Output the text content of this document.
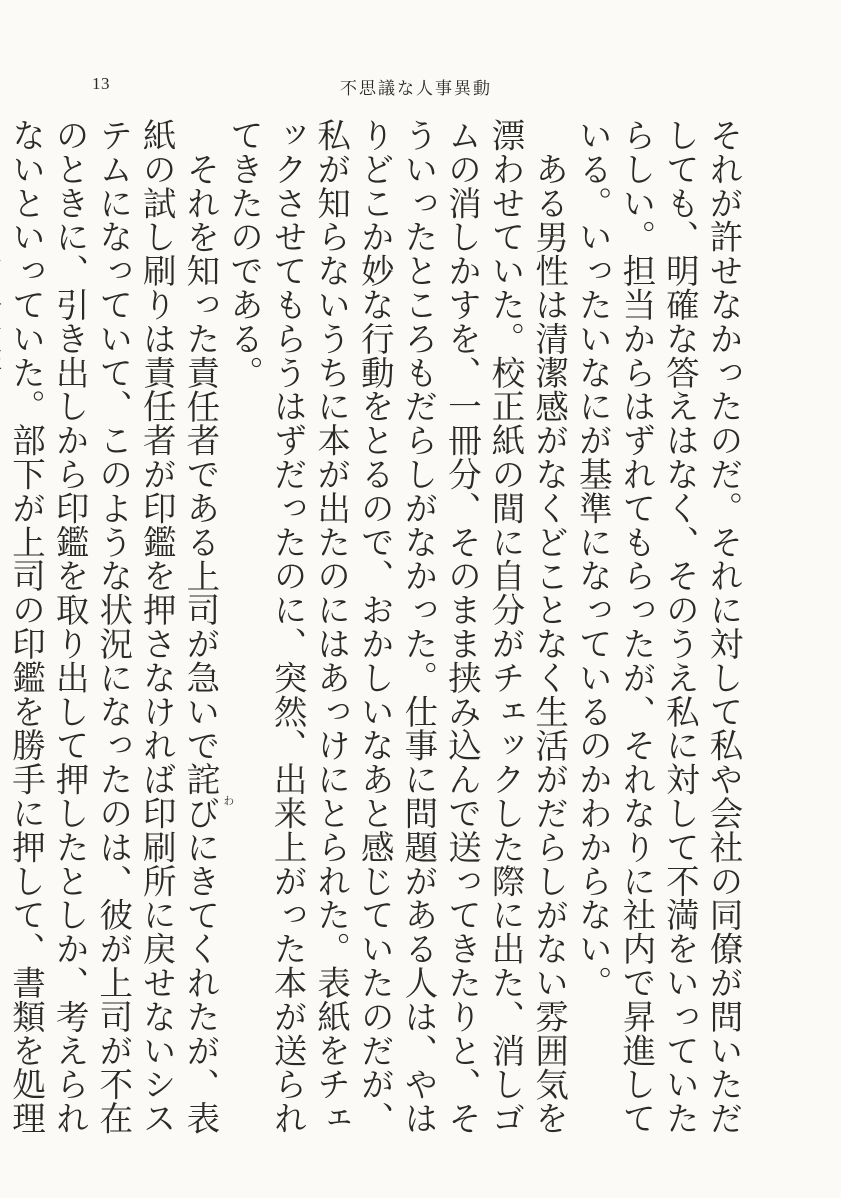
13	不思議な人事異動

それが許せなかったのだ。それに対して私や会社の同僚が問いただしても、明確な答えはなく、そのうえ私に対して不満をいっていたらしい。担当からはずれてもらったが、それなりに社内で昇進している。いったいなにが基準になっているのかわからない。

ある男性は清潔感がなくどことなく生活がだらしがない雰囲気を漂わせていた。校正紙の間に自分がチェックした際に出た、消しゴムの消しかすを、一冊分、そのまま挟み込んで送ってきたりと、そういったところもだらしがなかった。仕事に問題がある人は、やはりどこか妙な行動をとるので、おかしいなあと感じていたのだが、私が知らないうちに本が出たのにはあっけにとられた。表紙をチェックさせてもらうはずだったのに、突然、出来上がった本が送られてきたのである。

それを知った責任者である上司が急いで詫
わ
びにきてくれたが、表紙の試し刷りは責任者が印鑑を押さなければ印刷所に戻せないシステムになっていて、このような状況になったのは、彼が上司が不在のときに、引き出しから印鑑を取り出して押したとしか、考えられないといっていた。部下が上司の印鑑を勝手に押して、書類を処理
